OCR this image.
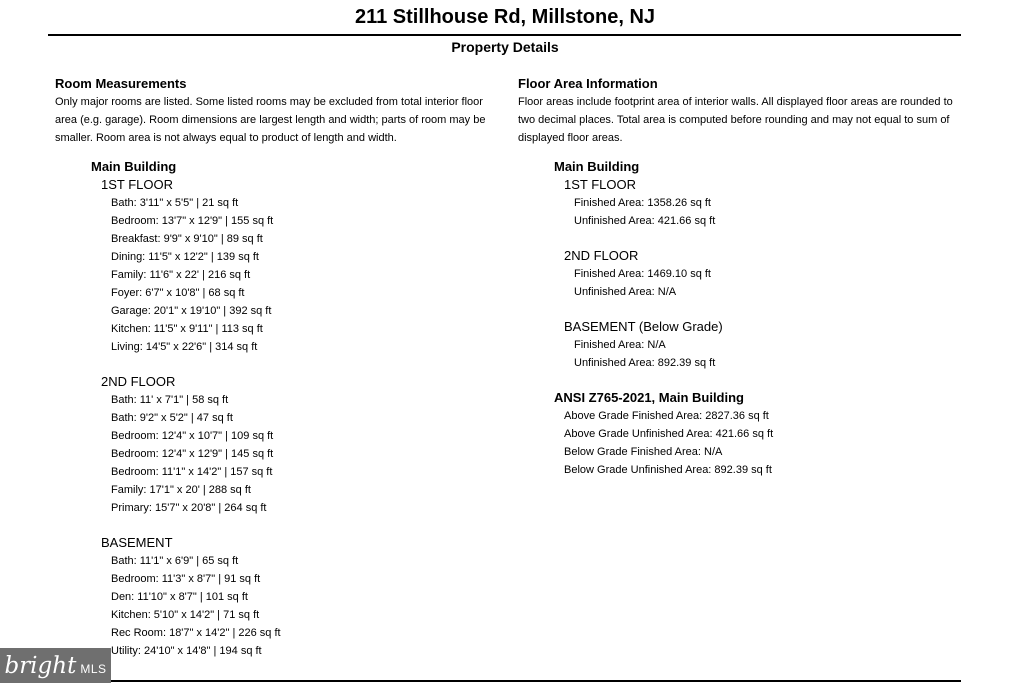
211 Stillhouse Rd, Millstone, NJ
Property Details
Room Measurements
Only major rooms are listed. Some listed rooms may be excluded from total interior floor area (e.g. garage). Room dimensions are largest length and width; parts of room may be smaller. Room area is not always equal to product of length and width.
Main Building
1ST FLOOR
Bath: 3'11" x 5'5" | 21 sq ft
Bedroom: 13'7" x 12'9" | 155 sq ft
Breakfast: 9'9" x 9'10" | 89 sq ft
Dining: 11'5" x 12'2" | 139 sq ft
Family: 11'6" x 22' | 216 sq ft
Foyer: 6'7" x 10'8" | 68 sq ft
Garage: 20'1" x 19'10" | 392 sq ft
Kitchen: 11'5" x 9'11" | 113 sq ft
Living: 14'5" x 22'6" | 314 sq ft
2ND FLOOR
Bath: 11' x 7'1" | 58 sq ft
Bath: 9'2" x 5'2" | 47 sq ft
Bedroom: 12'4" x 10'7" | 109 sq ft
Bedroom: 12'4" x 12'9" | 145 sq ft
Bedroom: 11'1" x 14'2" | 157 sq ft
Family: 17'1" x 20' | 288 sq ft
Primary: 15'7" x 20'8" | 264 sq ft
BASEMENT
Bath: 11'1" x 6'9" | 65 sq ft
Bedroom: 11'3" x 8'7" | 91 sq ft
Den: 11'10" x 8'7" | 101 sq ft
Kitchen: 5'10" x 14'2" | 71 sq ft
Rec Room: 18'7" x 14'2" | 226 sq ft
Utility: 24'10" x 14'8" | 194 sq ft
Floor Area Information
Floor areas include footprint area of interior walls. All displayed floor areas are rounded to two decimal places. Total area is computed before rounding and may not equal to sum of displayed floor areas.
Main Building
1ST FLOOR
Finished Area: 1358.26 sq ft
Unfinished Area: 421.66 sq ft
2ND FLOOR
Finished Area: 1469.10 sq ft
Unfinished Area: N/A
BASEMENT (Below Grade)
Finished Area: N/A
Unfinished Area: 892.39 sq ft
ANSI Z765-2021, Main Building
Above Grade Finished Area: 2827.36 sq ft
Above Grade Unfinished Area: 421.66 sq ft
Below Grade Finished Area: N/A
Below Grade Unfinished Area: 892.39 sq ft
bright MLS
